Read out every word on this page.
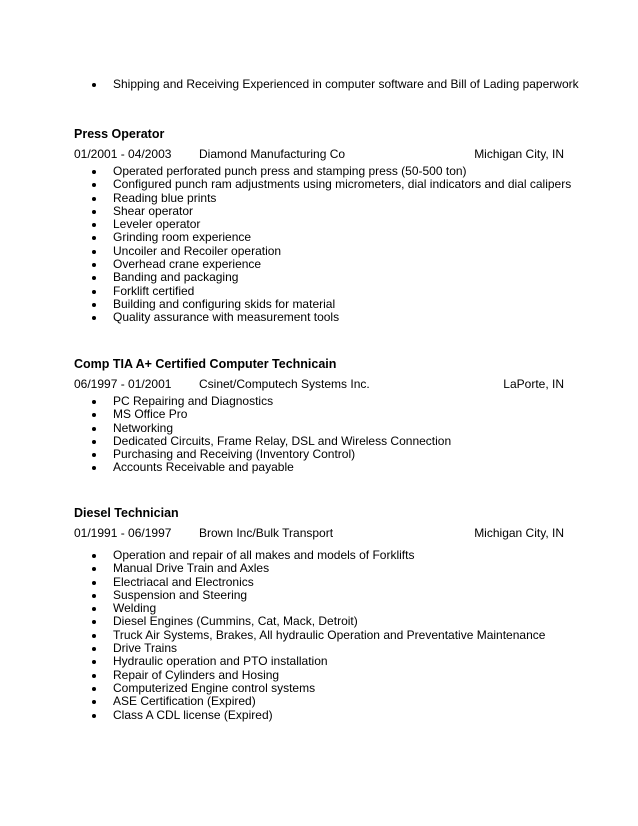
Shipping and Receiving Experienced in computer software and Bill of Lading paperwork
Press Operator
01/2001 - 04/2003 Diamond Manufacturing Co	Michigan City, IN
Operated perforated punch press and stamping press (50-500 ton)
Configured punch ram adjustments using micrometers, dial indicators and dial calipers
Reading blue prints
Shear operator
Leveler operator
Grinding room experience
Uncoiler and Recoiler operation
Overhead crane experience
Banding and packaging
Forklift certified
Building and configuring skids for material
Quality assurance with measurement tools
Comp TIA A+ Certified Computer Technicain
06/1997 - 01/2001 Csinet/Computech Systems Inc.	LaPorte, IN
PC Repairing and Diagnostics
MS Office Pro
Networking
Dedicated Circuits, Frame Relay, DSL and Wireless Connection
Purchasing and Receiving (Inventory Control)
Accounts Receivable and payable
Diesel Technician
01/1991 - 06/1997 Brown Inc/Bulk Transport	Michigan City, IN
Operation and repair of all makes and models of Forklifts
Manual Drive Train and Axles
Electriacal and Electronics
Suspension and Steering
Welding
Diesel Engines (Cummins, Cat, Mack, Detroit)
Truck Air Systems, Brakes, All hydraulic Operation and Preventative Maintenance
Drive Trains
Hydraulic operation and PTO installation
Repair of Cylinders and Hosing
Computerized Engine control systems
ASE Certification (Expired)
Class A CDL license (Expired)
